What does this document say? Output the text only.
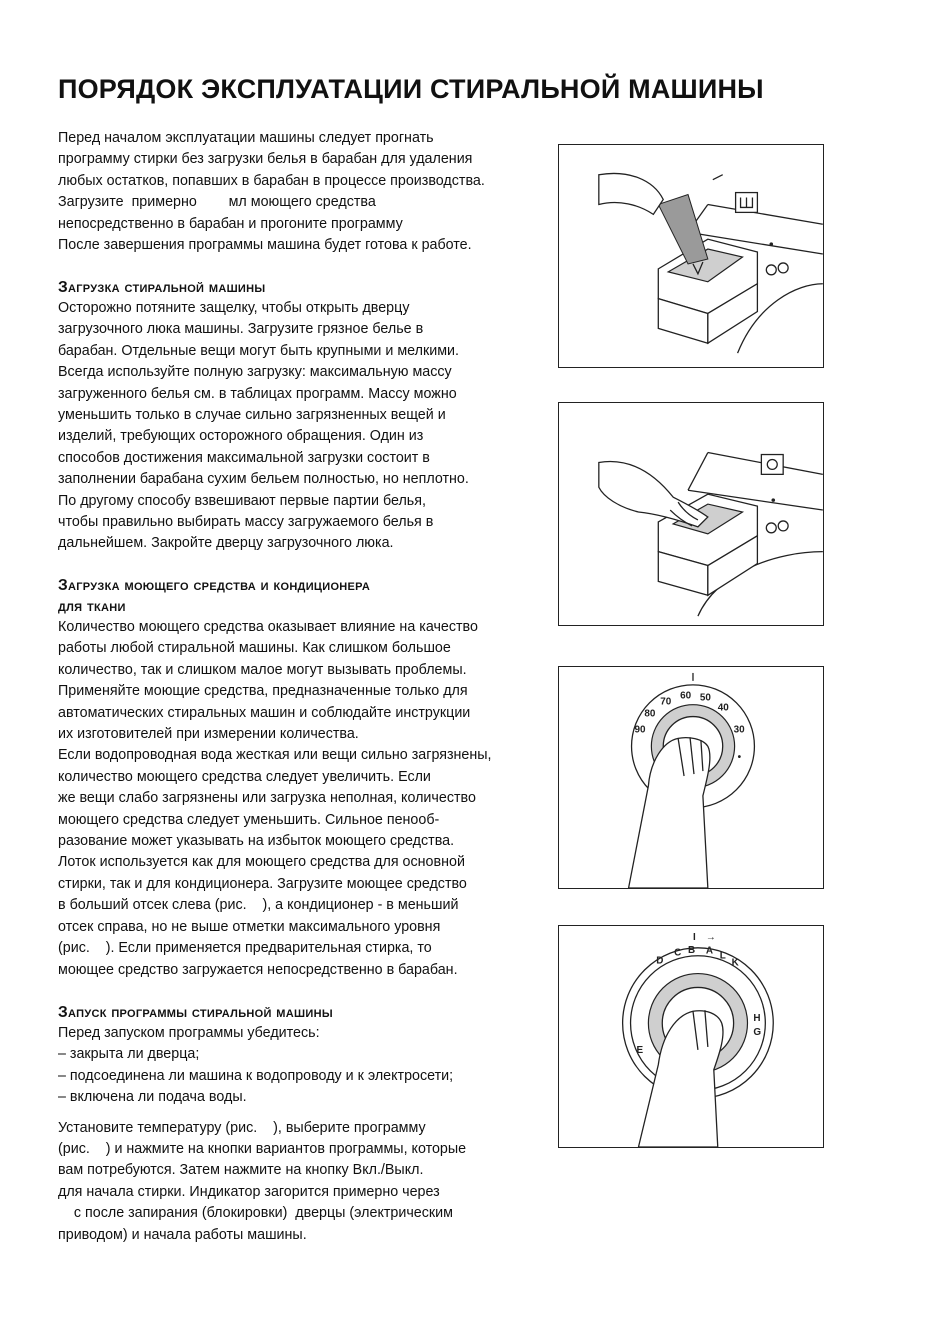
ПОРЯДОК ЭКСПЛУАТАЦИИ СТИРАЛЬНОЙ МАШИНЫ

Перед началом эксплуатации машины следует прогнать

программу стирки без загрузки белья в барабан для удаления

любых остатков, попавших в барабан в процессе производства.

Загрузите  примерно        мл моющего средства

непосредственно в барабан и прогоните программу

После завершения программы машина будет готова к работе.

Загрузка стиральной машины

Осторожно потяните защелку, чтобы открыть дверцу

загрузочного люка машины. Загрузите грязное белье в

барабан. Отдельные вещи могут быть крупными и мелкими.

Всегда используйте полную загрузку: максимальную массу

загруженного белья см. в таблицах программ. Массу можно

уменьшить только в случае сильно загрязненных вещей и

изделий, требующих осторожного обращения. Один из

способов достижения максимальной загрузки состоит в

заполнении барабана сухим бельем полностью, но неплотно.

По другому способу взвешивают первые партии белья,

чтобы правильно выбирать массу загружаемого белья в

дальнейшем. Закройте дверцу загрузочного люка.

Загрузка моющего средства и кондиционера

для ткани

Количество моющего средства оказывает влияние на качество

работы любой стиральной машины. Как слишком большое

количество, так и слишком малое могут вызывать проблемы.

Применяйте моющие средства, предназначенные только для

автоматических стиральных машин и соблюдайте инструкции

их изготовителей при измерении количества.

Если водопроводная вода жесткая или вещи сильно загрязнены,

количество моющего средства следует увеличить. Если

же вещи слабо загрязнены или загрузка неполная, количество

моющего средства следует уменьшить. Сильное пенооб-

разование может указывать на избыток моющего средства.

Лоток используется как для моющего средства для основной

стирки, так и для кондиционера. Загрузите моющее средство

в больший отсек слева (рис.    ), а кондиционер - в меньший

отсек справа, но не выше отметки максимального уровня

(рис.    ). Если применяется предварительная стирка, то

моющее средство загружается непосредственно в барабан.

Запуск программы стиральной машины

Перед запуском программы убедитесь:

– закрыта ли дверца;

– подсоединена ли машина к водопроводу и к электросети;

– включена ли подача воды.

Установите температуру (рис.    ), выберите программу

(рис.    ) и нажмите на кнопки вариантов программы, которые

вам потребуются. Затем нажмите на кнопку Вкл./Выкл.

для начала стирки. Индикатор загорится примерно через

с после запирания (блокировки)  дверцы (электрическим

приводом) и начала работы машины.

90
80
70
60 50
40
30
•
I →
D
C B A L
K
H
G
E
